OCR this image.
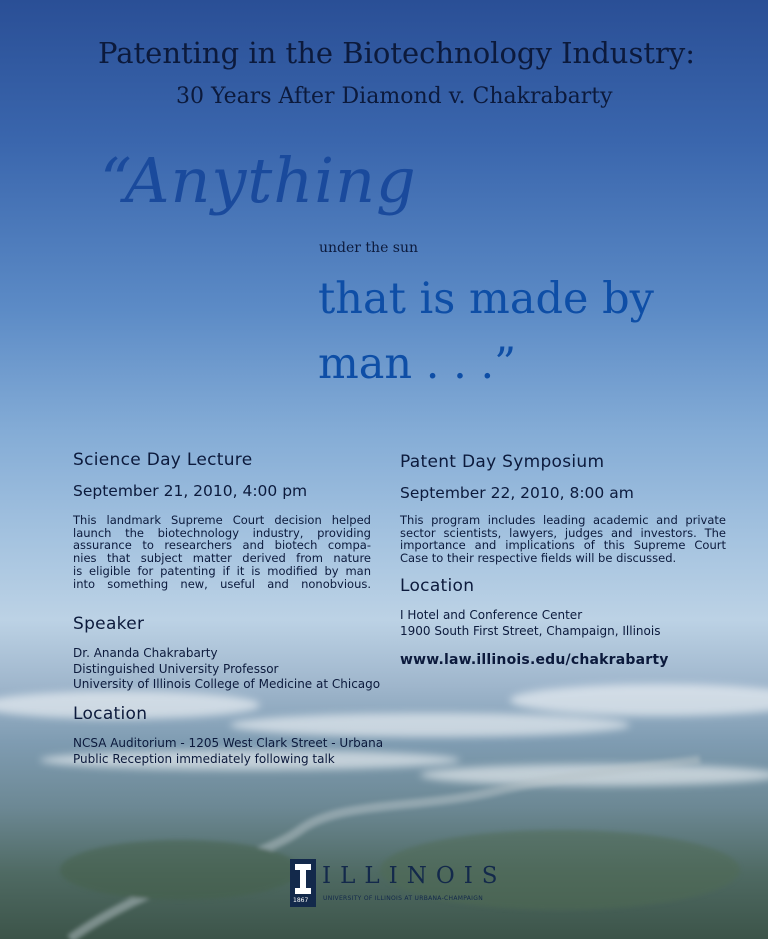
Patenting in the Biotechnology Industry:
30 Years After Diamond v. Chakrabarty
“Anything
under the sun
that is made by
man . . .”
Science Day Lecture
September 21, 2010, 4:00 pm
This landmark Supreme Court decision helped
launch the biotechnology industry, providing
assurance to researchers and biotech compa-
nies that subject matter derived from nature
is eligible for patenting if it is modified by man
into something new, useful and nonobvious.
Speaker
Dr. Ananda Chakrabarty
Distinguished University Professor
University of Illinois College of Medicine at Chicago
Location
NCSA Auditorium - 1205 West Clark Street - Urbana
Public Reception immediately following talk
Patent Day Symposium
September 22, 2010, 8:00 am
This program includes leading academic and private
sector scientists, lawyers, judges and investors. The
importance and implications of this Supreme Court
Case to their respective fields will be discussed.
Location
I Hotel and Conference Center
1900 South First Street, Champaign, Illinois
www.law.illinois.edu/chakrabarty
1867
ILLINOIS
UNIVERSITY OF ILLINOIS AT URBANA-CHAMPAIGN
